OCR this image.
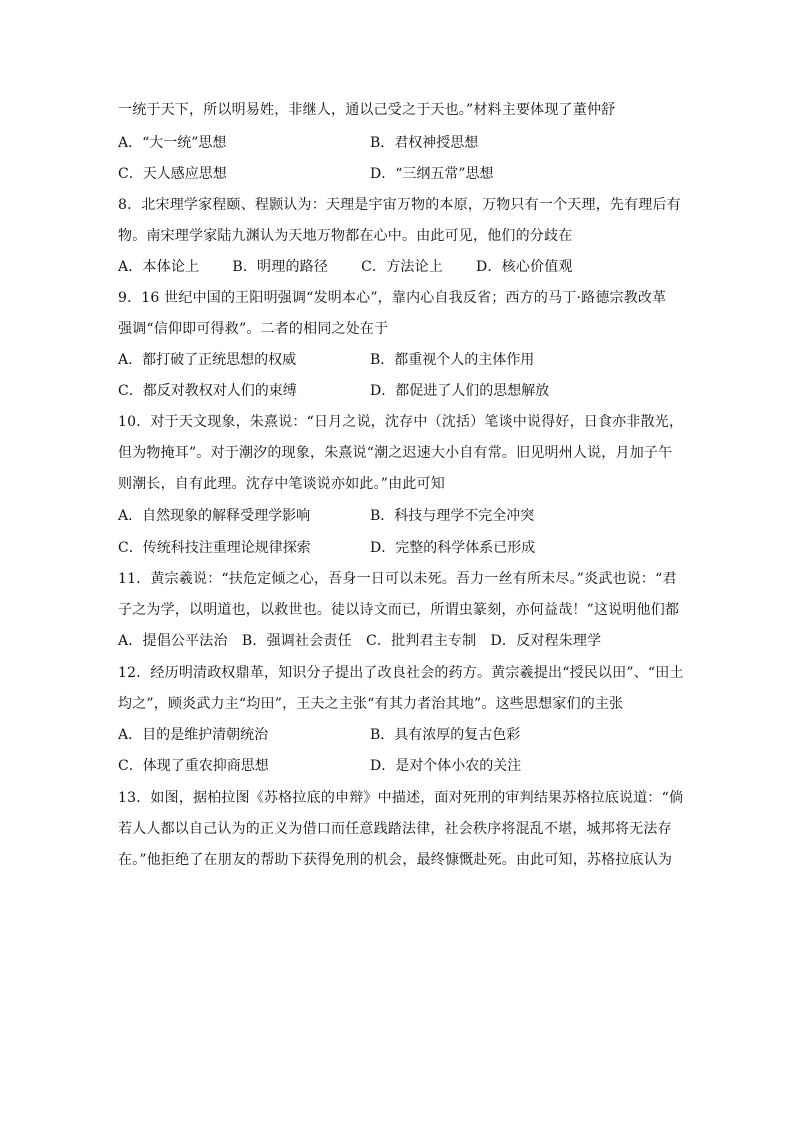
一统于天下，所以明易姓，非继人，通以己受之于天也。”材料主要体现了董仲舒
A．“大一统”思想	B．君权神授思想
C．天人感应思想	D．“三纲五常”思想
8．北宋理学家程颐、程颢认为：天理是宇宙万物的本原，万物只有一个天理，先有理后有
物。南宋理学家陆九渊认为天地万物都在心中。由此可见，他们的分歧在
A．本体论上　　 B．明理的路径　　 C．方法论上　　 D．核心价值观
9．16 世纪中国的王阳明强调“发明本心”，靠内心自我反省；西方的马丁·路德宗教改革
强调“信仰即可得救”。二者的相同之处在于
A．都打破了正统思想的权威	B．都重视个人的主体作用
C．都反对教权对人们的束缚	D．都促进了人们的思想解放
10．对于天文现象，朱熹说：“日月之说，沈存中（沈括）笔谈中说得好，日食亦非散光，
但为物掩耳”。对于潮汐的现象，朱熹说“潮之迟速大小自有常。旧见明州人说，月加子午
则潮长，自有此理。沈存中笔谈说亦如此。”由此可知
A．自然现象的解释受理学影响	B．科技与理学不完全冲突
C．传统科技注重理论规律探索	D．完整的科学体系已形成
11．黄宗羲说：“扶危定倾之心，吾身一日可以未死。吾力一丝有所未尽。”炎武也说：“君
子之为学，以明道也，以救世也。徒以诗文而已，所谓虫篆刻，亦何益哉！”这说明他们都
A．提倡公平法治　B．强调社会责任　C．批判君主专制　D．反对程朱理学
12．经历明清政权鼎革，知识分子提出了改良社会的药方。黄宗羲提出“授民以田”、“田土
均之”，顾炎武力主“均田”，王夫之主张“有其力者治其地”。这些思想家们的主张
A．目的是维护清朝统治	B．具有浓厚的复古色彩
C．体现了重农抑商思想	D．是对个体小农的关注
13．如图，据柏拉图《苏格拉底的申辩》中描述，面对死刑的审判结果苏格拉底说道：“倘
若人人都以自己认为的正义为借口而任意践踏法律，社会秩序将混乱不堪，城邦将无法存
在。”他拒绝了在朋友的帮助下获得免刑的机会，最终慷慨赴死。由此可知，苏格拉底认为
